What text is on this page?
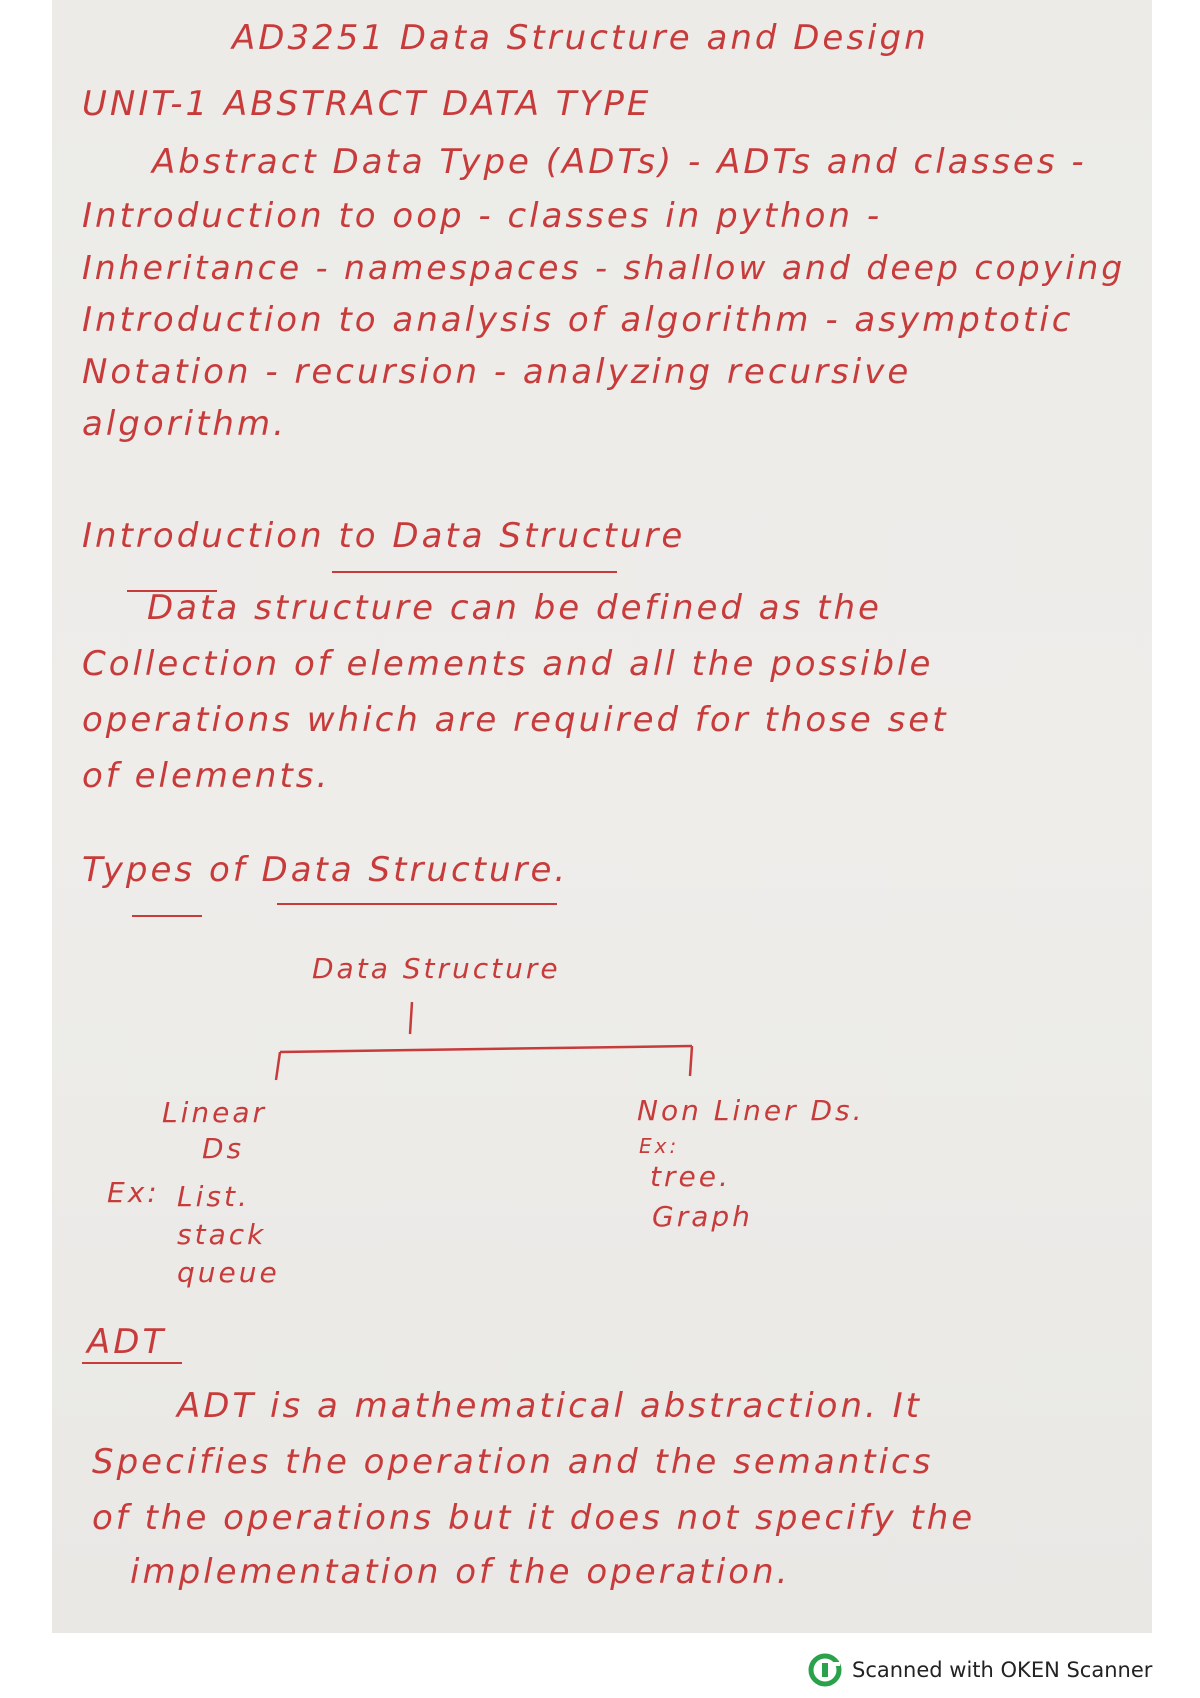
AD3251 Data Structure and Design
UNIT-1 ABSTRACT DATA TYPE
Abstract Data Type (ADTs) - ADTs and classes -
Introduction to oop - classes in python -
Inheritance - namespaces - shallow and deep copying
Introduction to analysis of algorithm - asymptotic
Notation - recursion - analyzing recursive
algorithm.
Introduction to Data Structure
Data structure can be defined as the
Collection of elements and all the possible
operations which are required for those set
of elements.
Types of Data Structure.
Data Structure
Linear
Ds
Ex: List.
stack
queue
Non Liner Ds.
Ex:
tree.
Graph
ADT
ADT is a mathematical abstraction. It
Specifies the operation and the semantics
of the operations but it does not specify the
implementation of the operation.
Scanned with OKEN Scanner
